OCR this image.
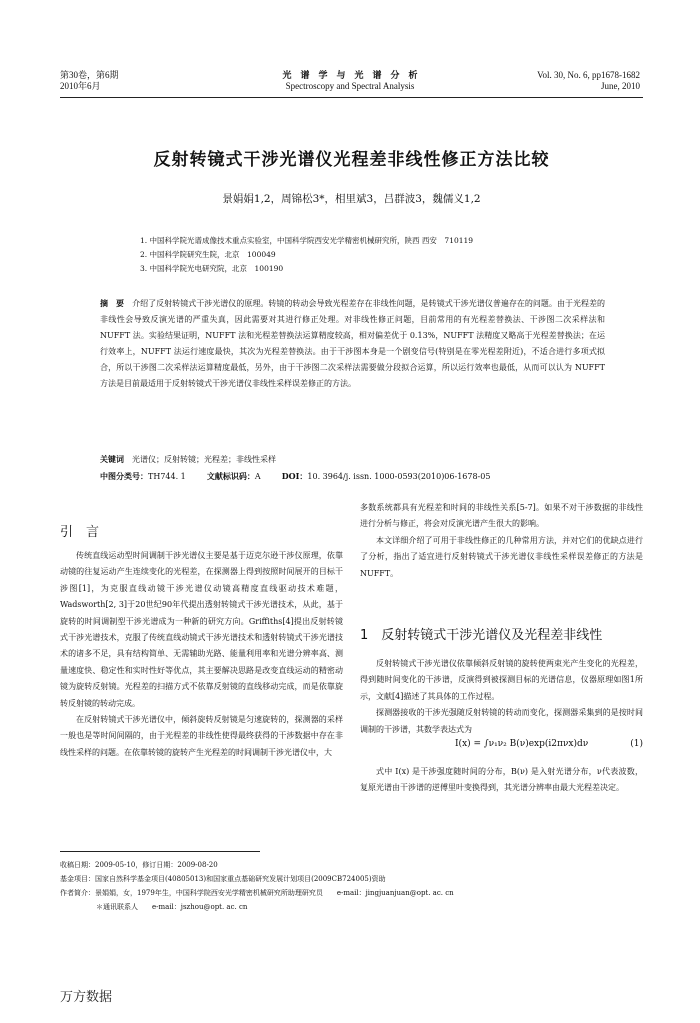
第30卷，第6期
2010年6月
光　谱　学　与　光　谱　分　析
Spectroscopy and Spectral Analysis
Vol. 30, No. 6, pp1678-1682
June, 2010
反射转镜式干涉光谱仪光程差非线性修正方法比较
景娟娟1,2，周锦松3*，相里斌3，吕群波3，魏儒义1,2
1. 中国科学院光谱成像技术重点实验室，中国科学院西安光学精密机械研究所，陕西 西安　710119
2. 中国科学院研究生院，北京　100049
3. 中国科学院光电研究院，北京　100190
摘　要　 介绍了反射转镜式干涉光谱仪的原理。转镜的转动会导致光程差存在非线性问题，是转镜式干涉光谱仪普遍存在的问题。由于光程差的非线性会导致反演光谱的严重失真，因此需要对其进行修正处理。对非线性修正问题，目前常用的有光程差替换法、干涉图二次采样法和 NUFFT 法。实验结果证明，NUFFT 法和光程差替换法运算精度较高，相对偏差优于 0.13%，NUFFT 法精度又略高于光程差替换法；在运行效率上，NUFFT 法运行速度最快，其次为光程差替换法。由于干涉图本身是一个剧变信号(特别是在零光程差附近)，不适合进行多项式拟合，所以干涉图二次采样法运算精度最低，另外，由于干涉图二次采样法需要做分段拟合运算，所以运行效率也最低，从而可以认为 NUFFT 方法是目前最适用于反射转镜式干涉光谱仪非线性采样误差修正的方法。
关键词　 光谱仪；反射转镜；光程差；非线性采样
中图分类号：TH744. 1	文献标识码：A	DOI：10. 3964/j. issn. 1000-0593(2010)06-1678-05
引　言

传统直线运动型时间调制干涉光谱仪主要是基于迈克尔逊干涉仪原理，依靠动镜的往复运动产生连续变化的光程差，在探测器上得到按照时间展开的目标干涉图[1]，为克服直线动镜干涉光谱仪动镜高精度直线驱动技术难题，Wadsworth[2, 3]于20世纪90年代提出透射转镜式干涉光谱技术，从此，基于旋转的时间调制型干涉光谱成为一种新的研究方向。Griffiths[4]提出反射转镜式干涉光谱技术，克服了传统直线动镜式干涉光谱技术和透射转镜式干涉光谱技术的诸多不足，具有结构简单、无需辅助光路、能量利用率和光谱分辨率高、测量速度快、稳定性和实时性好等优点，其主要解决思路是改变直线运动的精密动镜为旋转反射镜。光程差的扫描方式不依靠反射镜的直线移动完成，而是依靠旋转反射镜的转动完成。

在反射转镜式干涉光谱仪中，倾斜旋转反射镜是匀速旋转的，探测器的采样一般也是等时间间隔的，由于光程差的非线性使得最终获得的干涉数据中存在非线性采样的问题。在依靠转镜的旋转产生光程差的时间调制干涉光谱仪中，大

多数系统都具有光程差和时间的非线性关系[5-7]。如果不对干涉数据的非线性进行分析与修正，将会对反演光谱产生很大的影响。

本文详细介绍了可用于非线性修正的几种常用方法，并对它们的优缺点进行了分析，指出了适宜进行反射转镜式干涉光谱仪非线性采样误差修正的方法是 NUFFT。

1　反射转镜式干涉光谱仪及光程差非线性

反射转镜式干涉光谱仪依靠倾斜反射镜的旋转使两束光产生变化的光程差，得到随时间变化的干涉谱，反演得到被探测目标的光谱信息，仪器原理如图1所示，文献[4]描述了其具体的工作过程。

探测器接收的干涉光强随反射转镜的转动而变化，探测器采集到的是按时间调制的干涉谱，其数学表达式为

I(x) = ∫ν₁ν₂ B(ν)exp(i2πνx)dν	(1)

式中 I(x) 是干涉强度随时间的分布，B(ν) 是入射光谱分布，ν代表波数，复原光谱由干涉谱的逆傅里叶变换得到，其光谱分辨率由最大光程差决定。

收稿日期：2009-05-10，修订日期：2009-08-20
基金项目：国家自然科学基金项目(40805013)和国家重点基础研究发展计划项目(2009CB724005)资助
作者简介：景娟娟，女，1979年生，中国科学院西安光学精密机械研究所助理研究员　　e-mail：jingjuanjuan@opt. ac. cn
＊通讯联系人　　e-mail：jszhou@opt. ac. cn
万方数据
